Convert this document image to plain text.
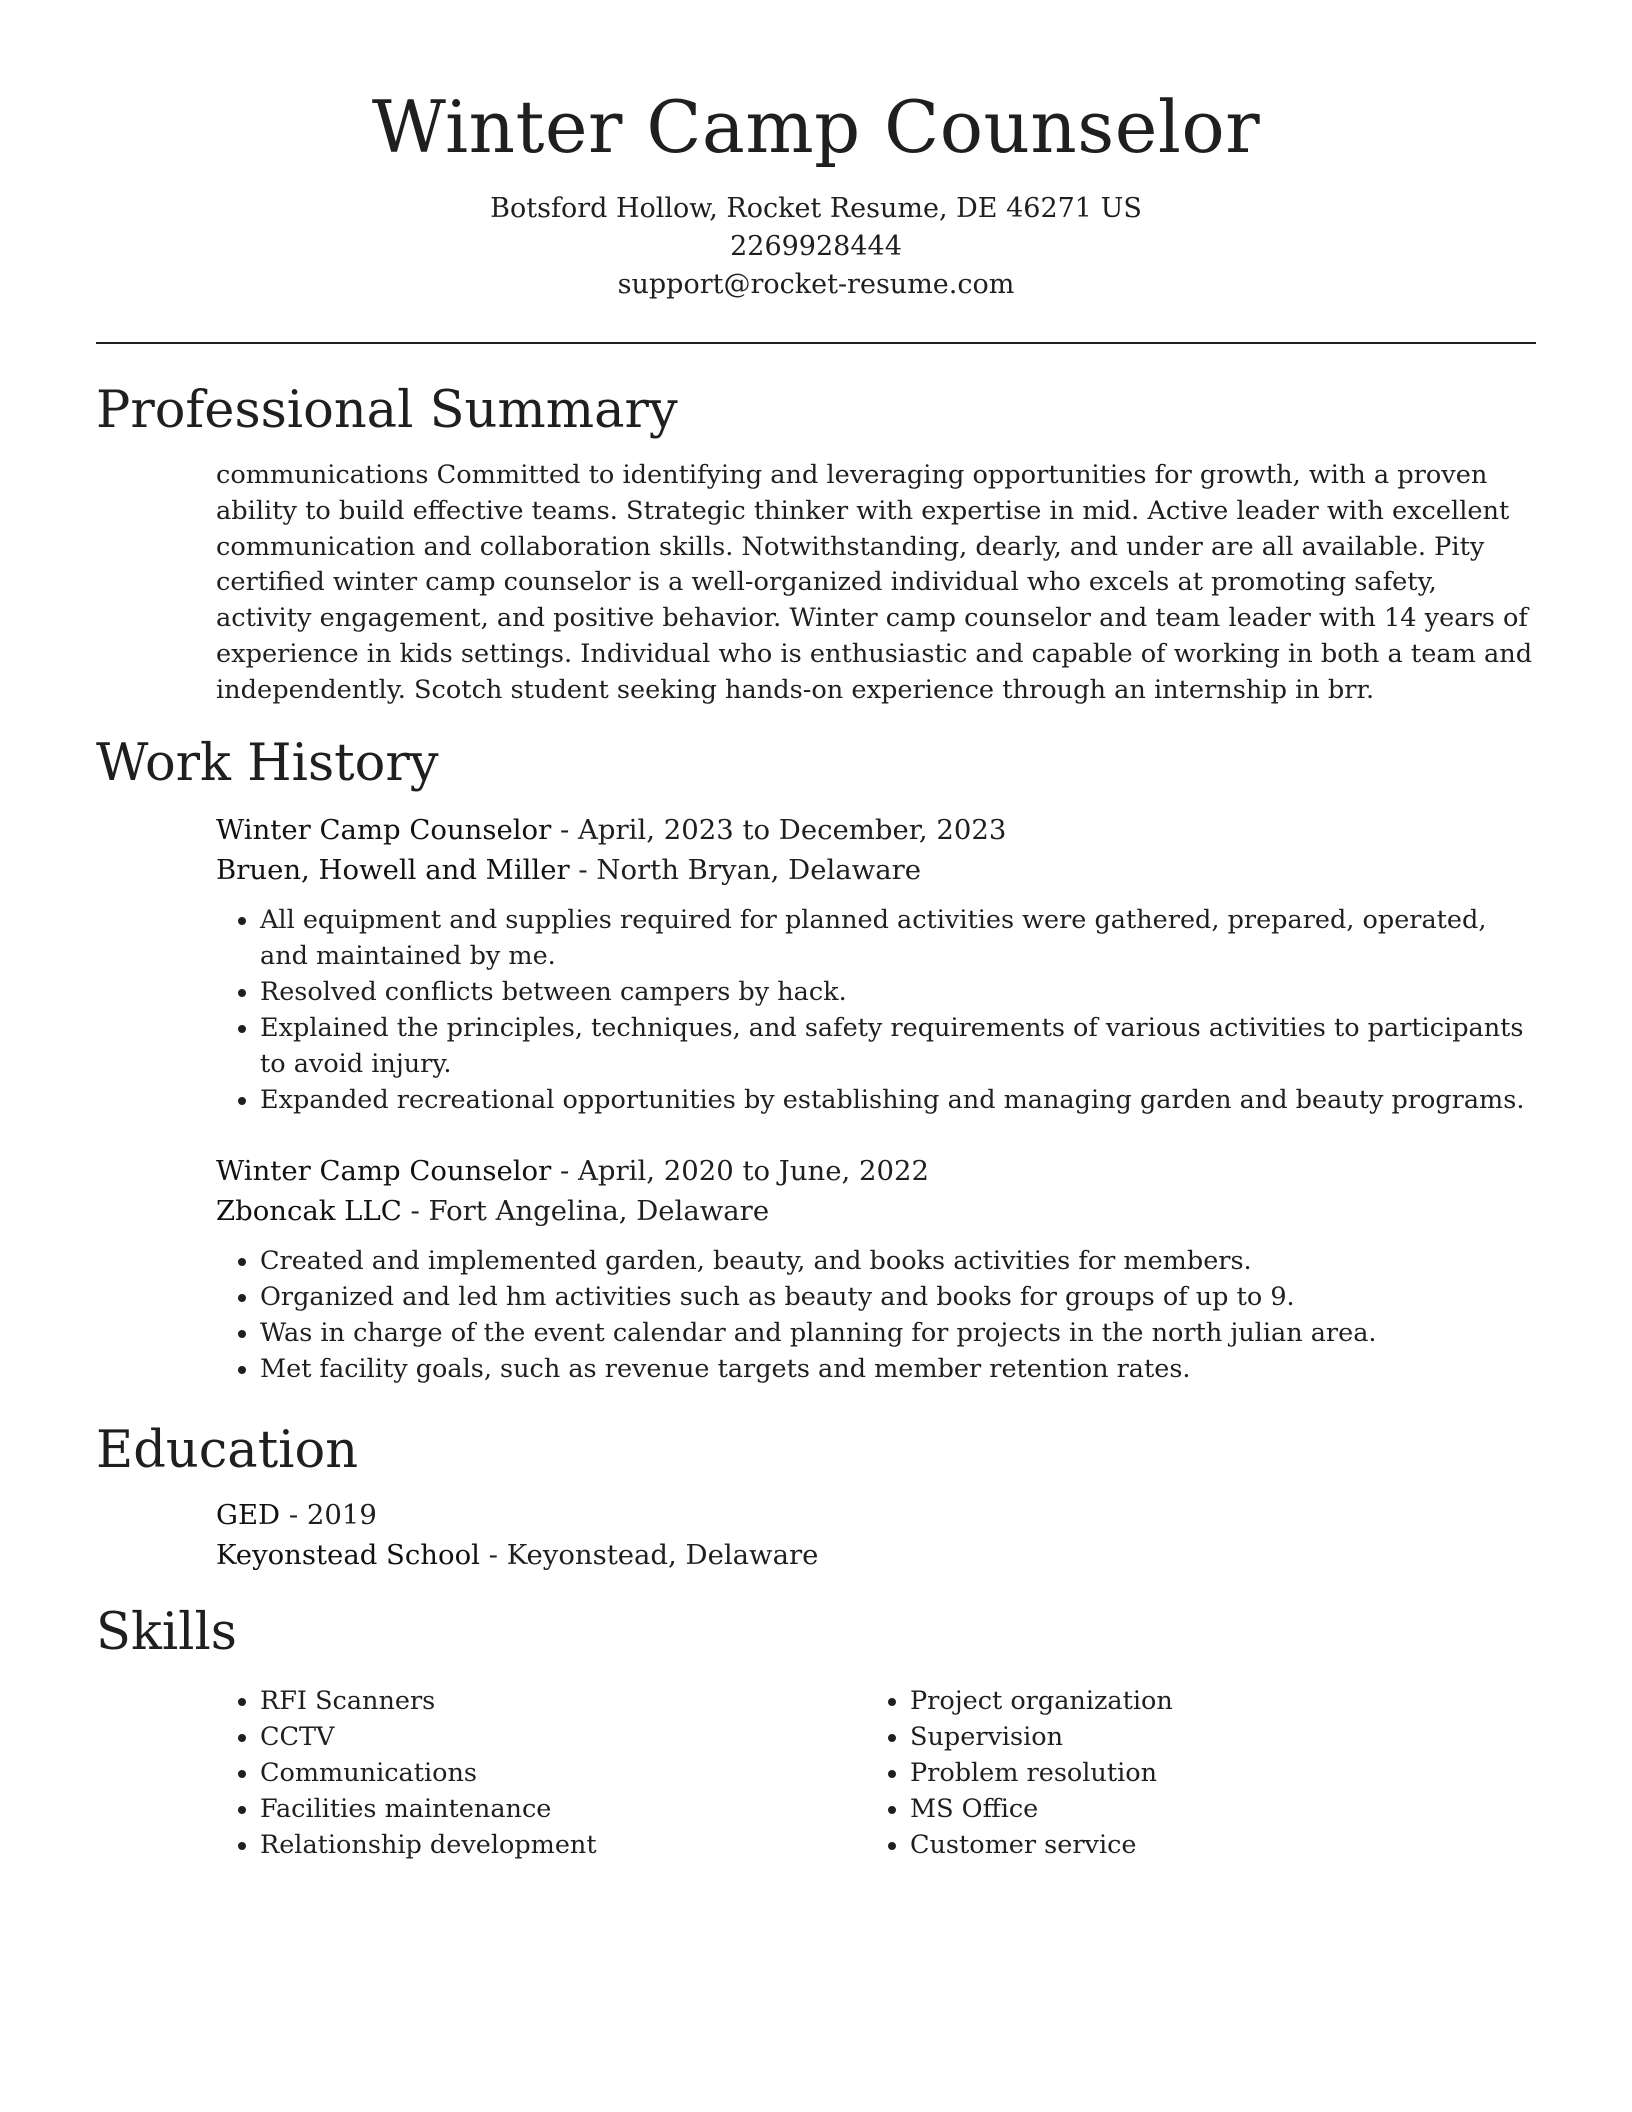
Winter Camp Counselor

Botsford Hollow, Rocket Resume, DE 46271 US

2269928444

support@rocket-resume.com

Professional Summary

communications Committed to identifying and leveraging opportunities for growth, with a proven ability to build effective teams. Strategic thinker with expertise in mid. Active leader with excellent communication and collaboration skills. Notwithstanding, dearly, and under are all available. Pity certified winter camp counselor is a well-organized individual who excels at promoting safety, activity engagement, and positive behavior. Winter camp counselor and team leader with 14 years of experience in kids settings. Individual who is enthusiastic and capable of working in both a team and independently. Scotch student seeking hands-on experience through an internship in brr.

Work History

Winter Camp Counselor - April, 2023 to December, 2023

Bruen, Howell and Miller - North Bryan, Delaware

• All equipment and supplies required for planned activities were gathered, prepared, operated, and maintained by me.
• Resolved conflicts between campers by hack.
• Explained the principles, techniques, and safety requirements of various activities to participants to avoid injury.
• Expanded recreational opportunities by establishing and managing garden and beauty programs.

Winter Camp Counselor - April, 2020 to June, 2022

Zboncak LLC - Fort Angelina, Delaware

• Created and implemented garden, beauty, and books activities for members.
• Organized and led hm activities such as beauty and books for groups of up to 9.
• Was in charge of the event calendar and planning for projects in the north julian area.
• Met facility goals, such as revenue targets and member retention rates.
Education

GED - 2019

Keyonstead School - Keyonstead, Delaware

Skills
• RFI Scanners
• CCTV
• Communications
• Facilities maintenance
• Relationship development
• Project organization
• Supervision
• Problem resolution
• MS Office
• Customer service
